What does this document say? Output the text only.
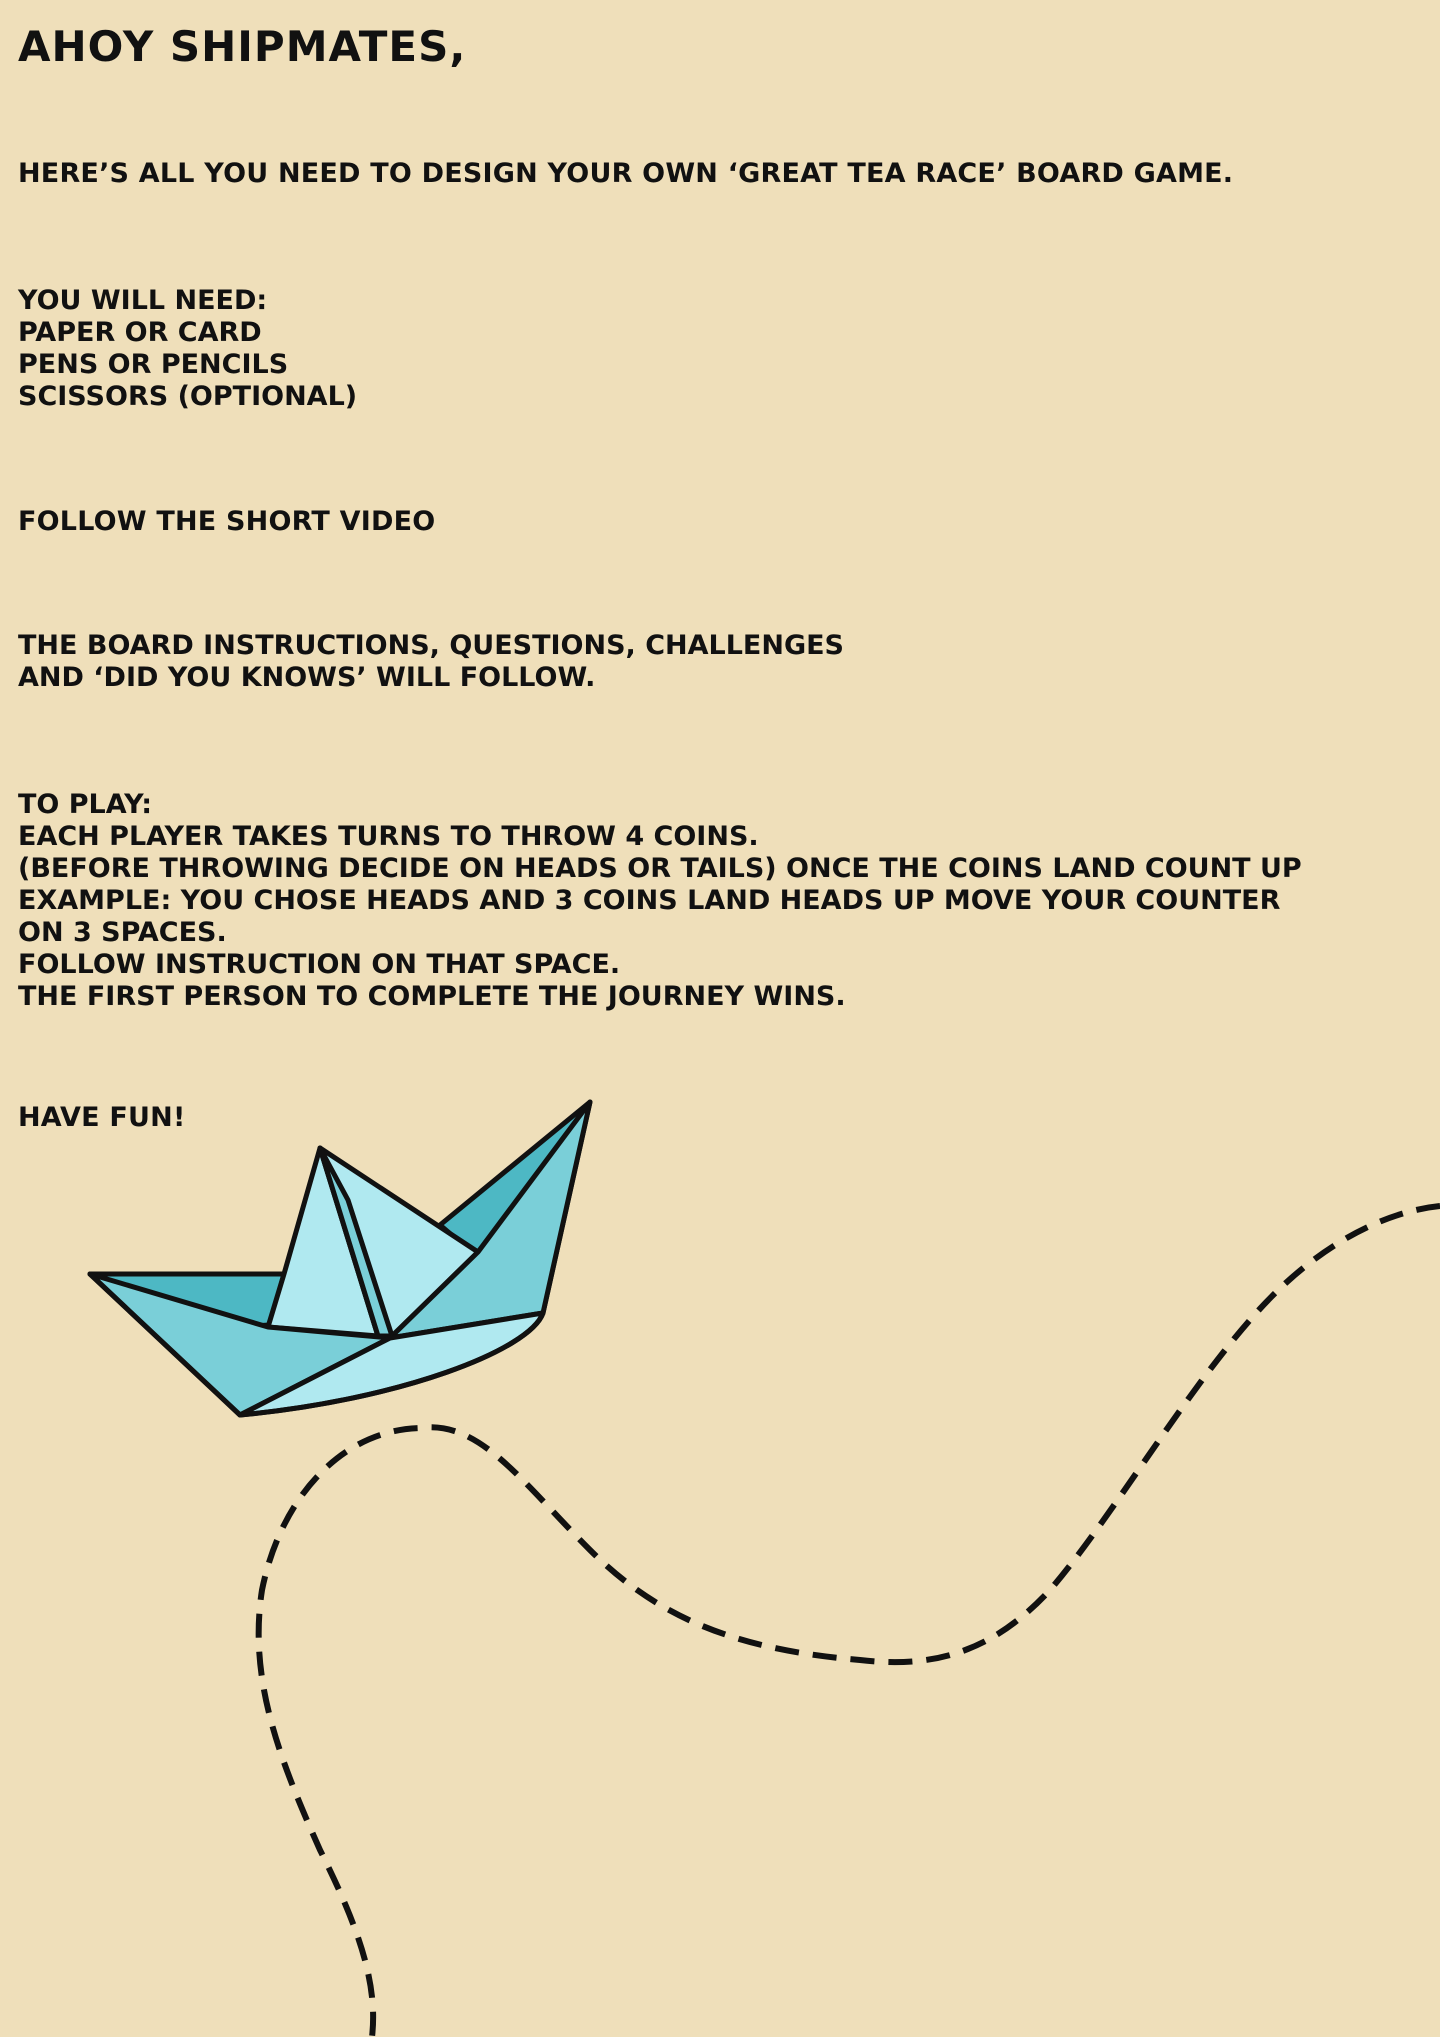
AHOY SHIPMATES,
HERE’S ALL YOU NEED TO DESIGN YOUR OWN ‘GREAT TEA RACE’ BOARD GAME.
YOU WILL NEED:
PAPER OR CARD
PENS OR PENCILS
SCISSORS (OPTIONAL)
FOLLOW THE SHORT VIDEO
THE BOARD INSTRUCTIONS, QUESTIONS, CHALLENGES
AND ‘DID YOU KNOWS’ WILL FOLLOW.
TO PLAY:
EACH PLAYER TAKES TURNS TO THROW 4 COINS.
(BEFORE THROWING DECIDE ON HEADS OR TAILS) ONCE THE COINS LAND COUNT UP
EXAMPLE: YOU CHOSE HEADS AND 3 COINS LAND HEADS UP MOVE YOUR COUNTER
ON 3 SPACES.
FOLLOW INSTRUCTION ON THAT SPACE.
THE FIRST PERSON TO COMPLETE THE JOURNEY WINS.
HAVE FUN!
